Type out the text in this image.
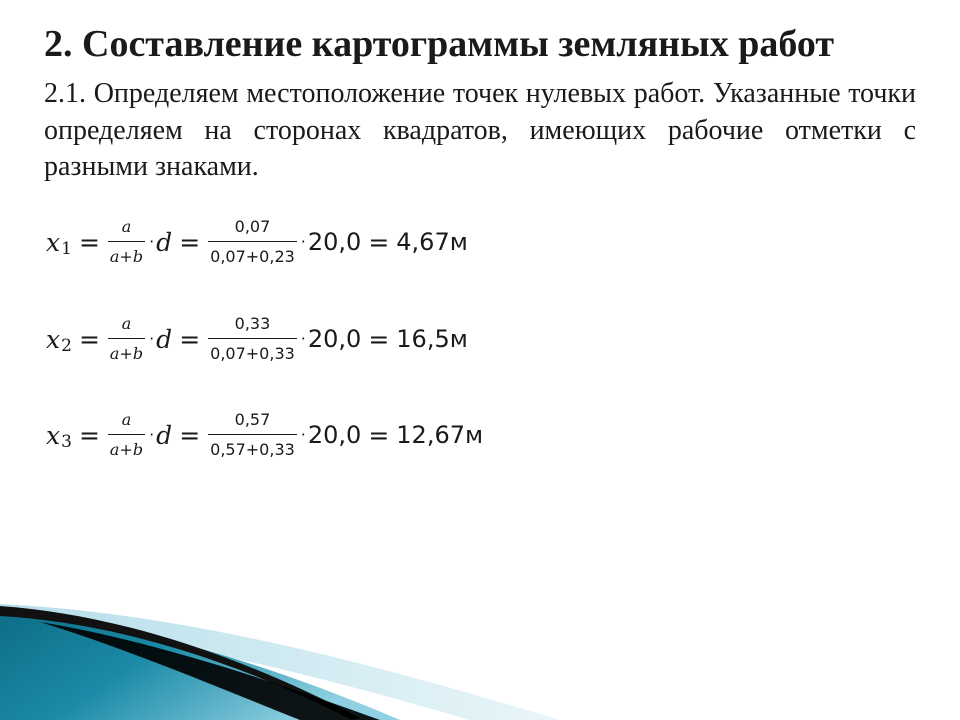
2. Составление картограммы земляных работ

2.1. Определяем местоположение точек нулевых работ. Указанные точки определяем на сторонах квадратов, имеющих рабочие отметки с разными знаками.

x $1 = \frac{a}{a+b} \cdot d = \frac{0,07}{0,07+0,23} \cdot 20,0 = 4,67м$
x $2 = \frac{a}{a+b} \cdot d = \frac{0,33}{0,07+0,33} \cdot 20,0 = 16,5м$
x $3 = \frac{a}{a+b} \cdot d = \frac{0,57}{0,57+0,33} \cdot 20,0 = 12,67м$
